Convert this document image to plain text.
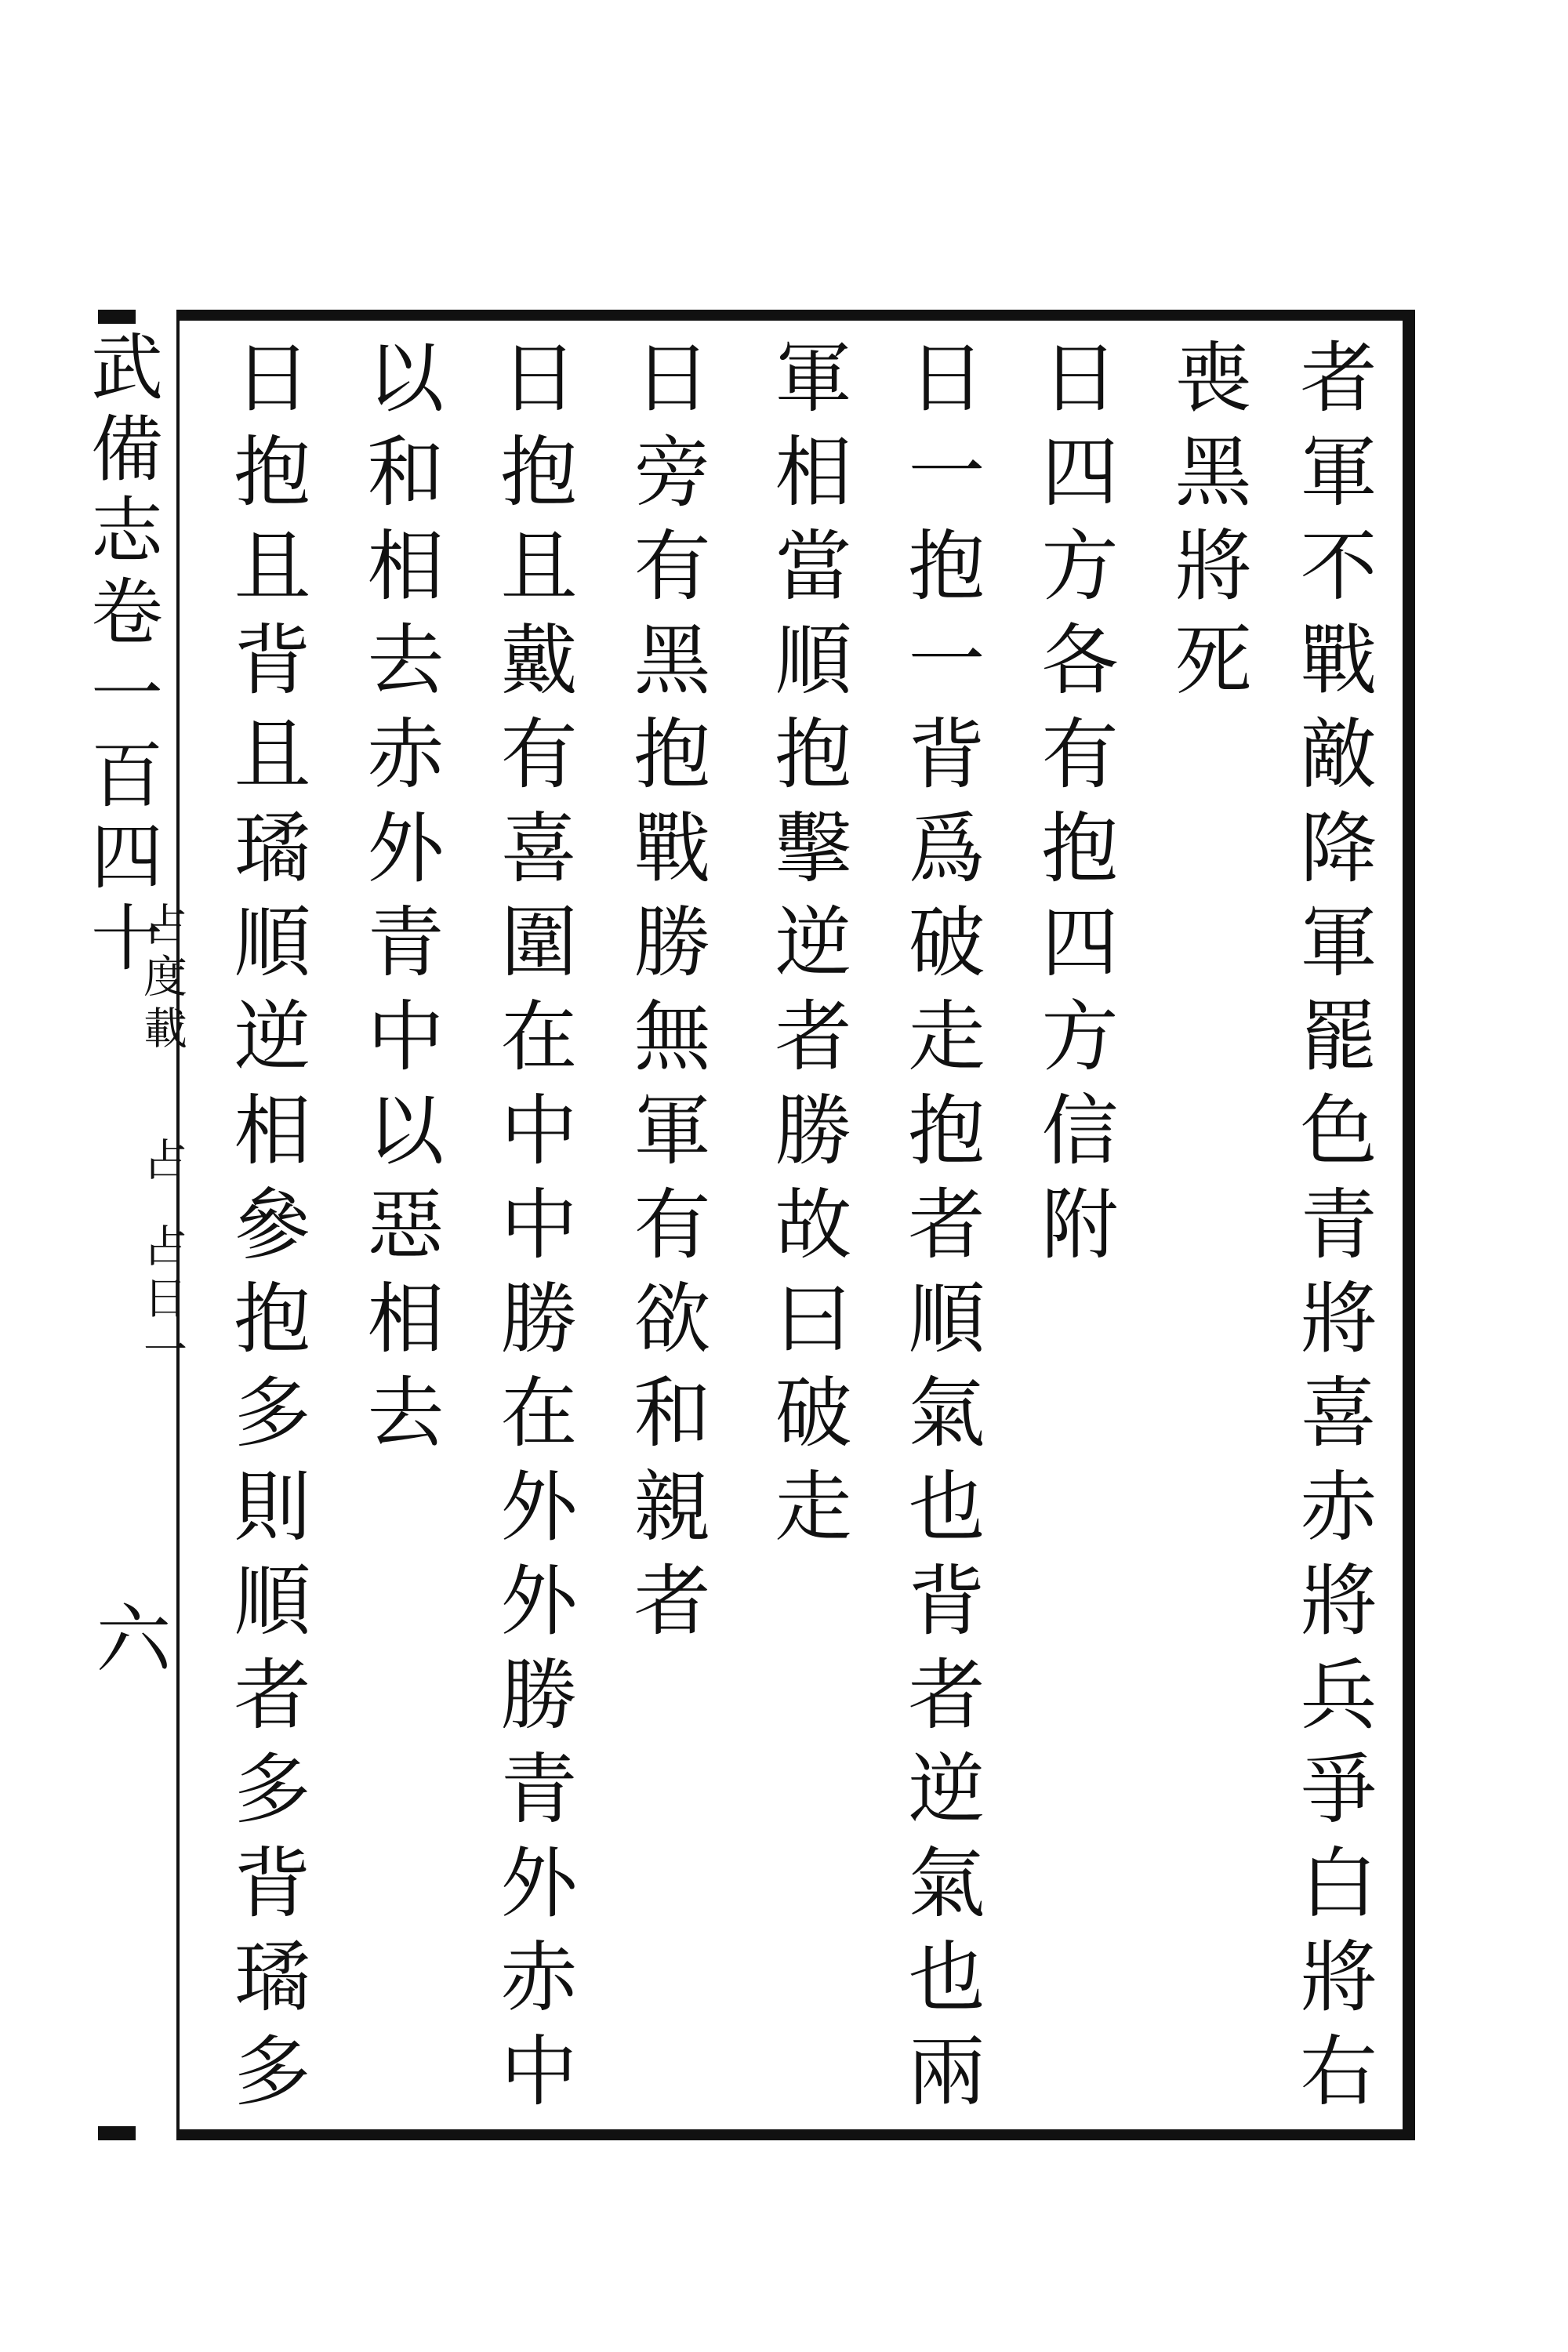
武備志卷一百四十
占度載
占
占日一
六	者軍不戰敵降軍罷色青將喜赤將兵爭白將右
喪黑將死
日四方各有抱四方信附
日一抱一背爲破走抱者順氣也背者逆氣也兩
軍相當順抱擊逆者勝故曰破走
日旁有黑抱戰勝無軍有欲和親者
日抱且戴有喜圍在中中勝在外外勝青外赤中
以和相去赤外青中以惡相去
日抱且背且璚順逆相參抱多則順者多背璚多
